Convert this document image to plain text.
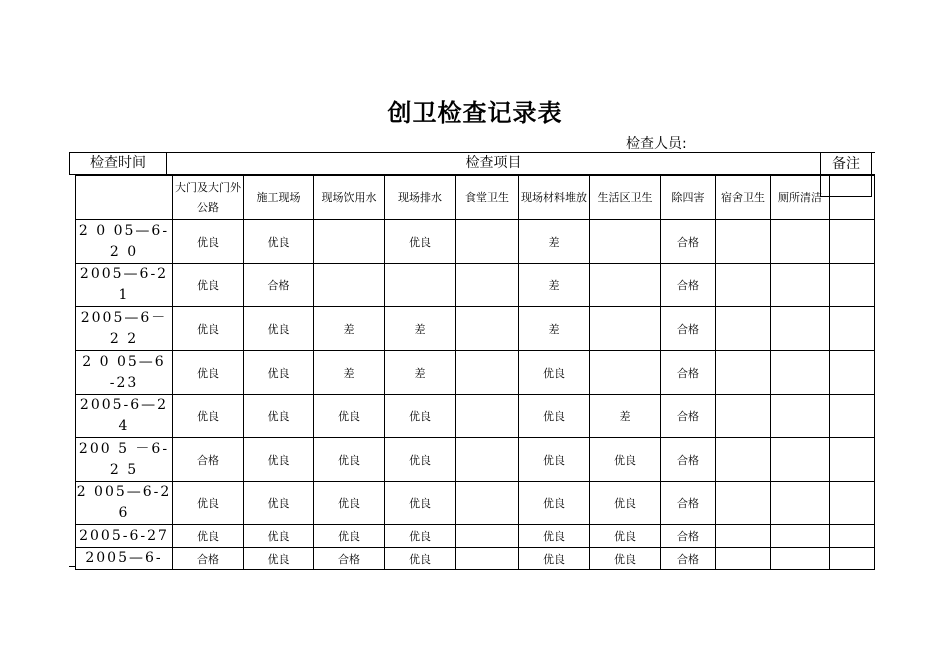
创卫检查记录表
检查人员:
检查时间	检查项目	备注
	大门及大门外公路	施工现场	现场饮用水	现场排水	食堂卫生	现场材料堆放	生活区卫生	除四害	宿舍卫生	厕所清洁	
2 0 05—6-2 0	优良	优良		优良		差		合格			
2005—6-21	优良	合格				差		合格			
2005—6－2 2	优良	优良	差	差		差		合格			
2 0 05—6 -23	优良	优良	差	差		优良		合格			
2005-6—24	优良	优良	优良	优良		优良	差	合格			
200 5 －6-2 5	合格	优良	优良	优良		优良	优良	合格			
2 005—6-2 6	优良	优良	优良	优良		优良	优良	合格			
2005-6-27	优良	优良	优良	优良		优良	优良	合格			
2005—6-	合格	优良	合格	优良		优良	优良	合格			
